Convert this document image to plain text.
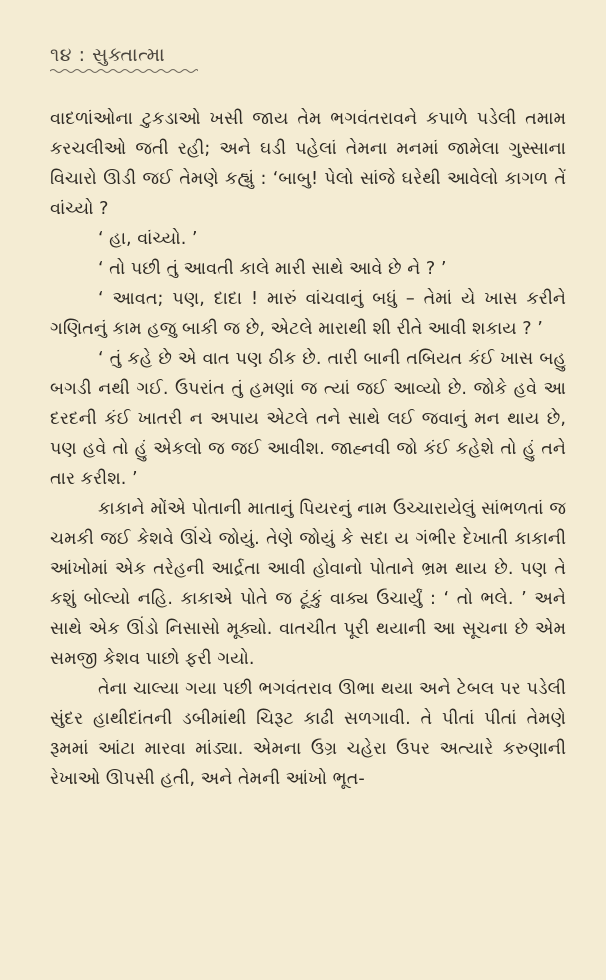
૧૪ : સુક્તાત્મા

વાદળાંઓના ટુકડાઓ ખસી જાય તેમ ભગવંતરાવને કપાળે પડેલી તમામ કરચલીઓ જતી રહી; અને ઘડી પહેલાં તેમના મનમાં જામેલા ગુસ્સાના વિચારો ઊડી જઈ તેમણે કહ્યું : ‘બાબુ! પેલો સાંજે ઘરેથી આવેલો કાગળ તેં વાંચ્યો ?

‘ હા, વાંચ્યો. ’

‘ તો પછી તું આવતી કાલે મારી સાથે આવે છે ને ? ’

‘ આવત; પણ, દાદા ! મારું વાંચવાનું બધું – તેમાં યે ખાસ કરીને ગણિતનું કામ હજુ બાકી જ છે, એટલે મારાથી શી રીતે આવી શકાય ? ’

‘ તું કહે છે એ વાત પણ ઠીક છે. તારી બાની તબિયત કંઈ ખાસ બહુ બગડી નથી ગઈ. ઉપરાંત તું હમણાં જ ત્યાં જઈ આવ્યો છે. જોકે હવે આ દરદની કંઈ ખાતરી ન અપાય એટલે તને સાથે લઈ જવાનું મન થાય છે, પણ હવે તો હું એકલો જ જઈ આવીશ. જાહ્નવી જો કંઈ કહેશે તો હું તને તાર કરીશ. ’

કાકાને મોંએ પોતાની માતાનું પિયરનું નામ ઉચ્ચારાયેલું સાંભળતાં જ ચમકી જઈ કેશવે ઊંચે જોયું. તેણે જોયું કે સદા ય ગંભીર દેખાતી કાકાની આંખોમાં એક તરેહની આર્દ્રતા આવી હોવાનો પોતાને ભ્રમ થાય છે. પણ તે કશું બોલ્યો નહિ. કાકાએ પોતે જ ટૂંકું વાક્ય ઉચાર્યું : ‘ તો ભલે. ’ અને સાથે એક ઊંડો નિસાસો મૂક્યો. વાતચીત પૂરી થયાની આ સૂચના છે એમ સમજી કેશવ પાછો ફરી ગયો.

તેના ચાલ્યા ગયા પછી ભગવંતરાવ ઊભા થયા અને ટેબલ પર પડેલી સુંદર હાથીદાંતની ડબીમાંથી ચિરૂટ કાઢી સળગાવી. તે પીતાં પીતાં તેમણે રૂમમાં આંટા મારવા માંડ્યા. એમના ઉગ્ર ચહેરા ઉપર અત્યારે કરુણાની રેખાઓ ઊપસી હતી, અને તેમની આંખો ભૂત-
